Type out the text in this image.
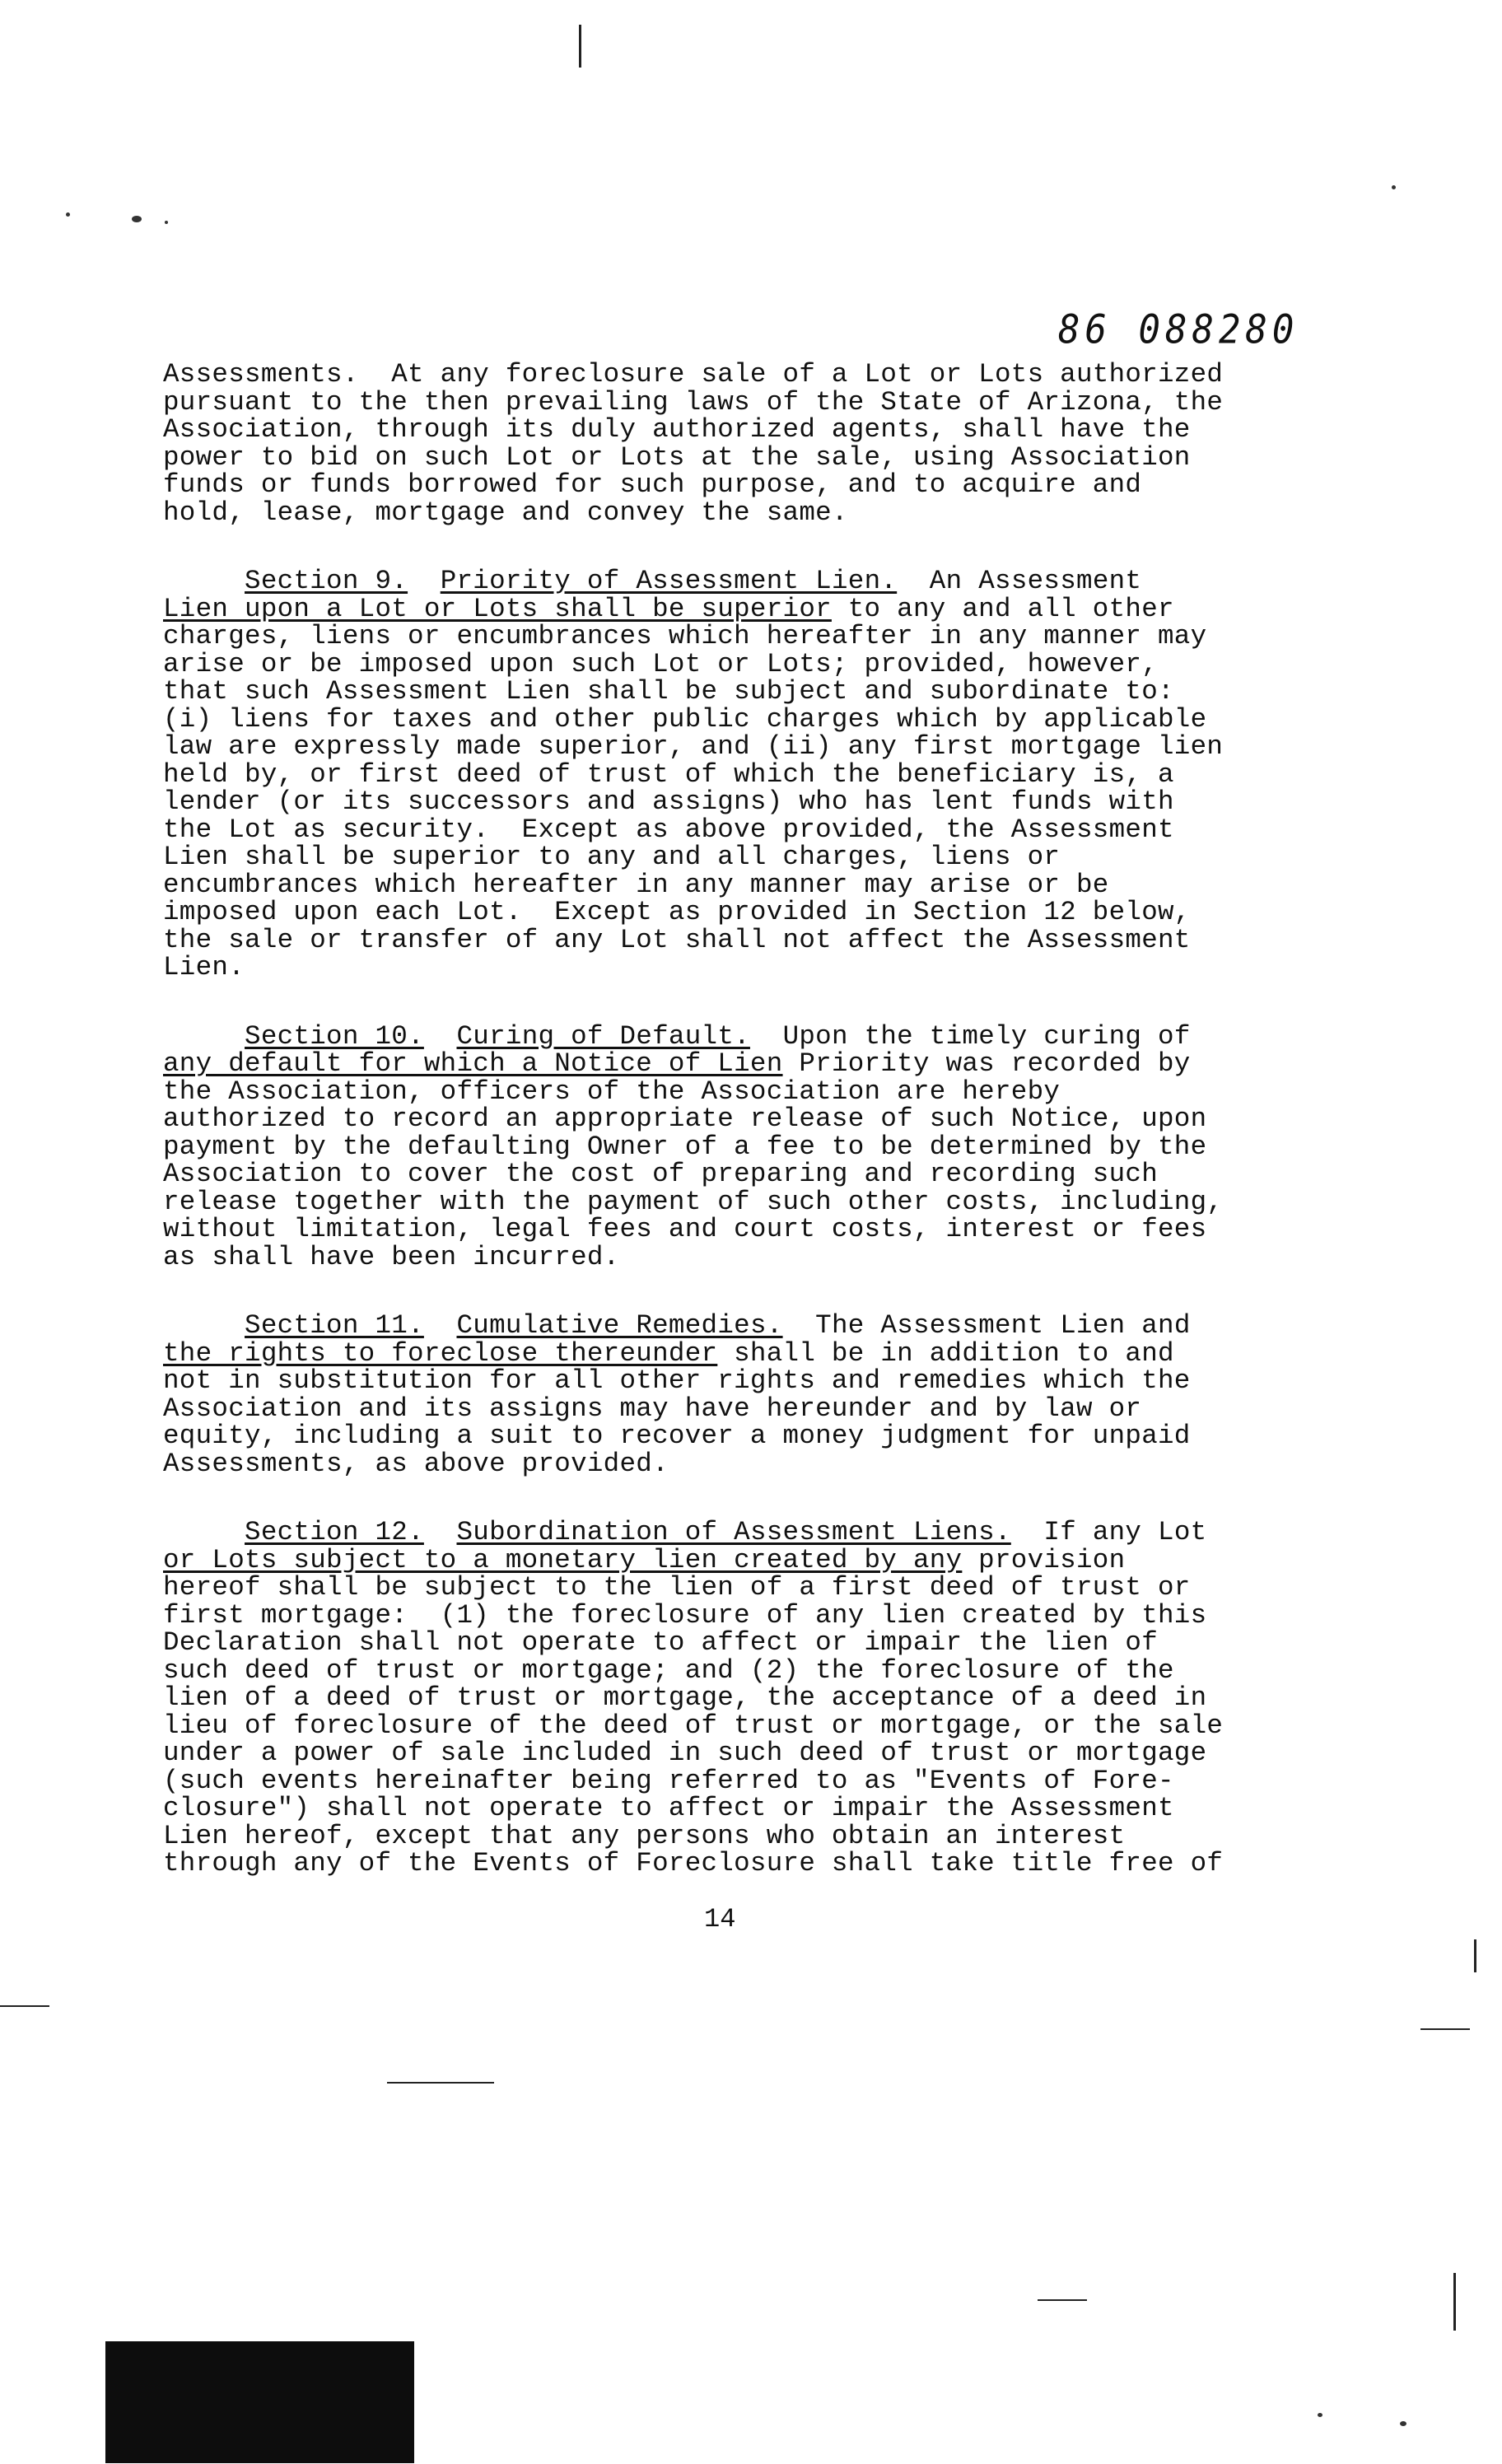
86 088280
Assessments.  At any foreclosure sale of a Lot or Lots authorized
pursuant to the then prevailing laws of the State of Arizona, the
Association, through its duly authorized agents, shall have the
power to bid on such Lot or Lots at the sale, using Association
funds or funds borrowed for such purpose, and to acquire and
hold, lease, mortgage and convey the same.
Section 9. Priority of Assessment Lien. An Assessment
Lien upon a Lot or Lots shall be superior to any and all other
charges, liens or encumbrances which hereafter in any manner may
arise or be imposed upon such Lot or Lots; provided, however,
that such Assessment Lien shall be subject and subordinate to:
(i) liens for taxes and other public charges which by applicable
law are expressly made superior, and (ii) any first mortgage lien
held by, or first deed of trust of which the beneficiary is, a
lender (or its successors and assigns) who has lent funds with
the Lot as security.  Except as above provided, the Assessment
Lien shall be superior to any and all charges, liens or
encumbrances which hereafter in any manner may arise or be
imposed upon each Lot.  Except as provided in Section 12 below,
the sale or transfer of any Lot shall not affect the Assessment
Lien.
Section 10. Curing of Default. Upon the timely curing of
any default for which a Notice of Lien Priority was recorded by
the Association, officers of the Association are hereby
authorized to record an appropriate release of such Notice, upon
payment by the defaulting Owner of a fee to be determined by the
Association to cover the cost of preparing and recording such
release together with the payment of such other costs, including,
without limitation, legal fees and court costs, interest or fees
as shall have been incurred.
Section 11. Cumulative Remedies. The Assessment Lien and
the rights to foreclose thereunder shall be in addition to and
not in substitution for all other rights and remedies which the
Association and its assigns may have hereunder and by law or
equity, including a suit to recover a money judgment for unpaid
Assessments, as above provided.
Section 12. Subordination of Assessment Liens. If any Lot
or Lots subject to a monetary lien created by any provision
hereof shall be subject to the lien of a first deed of trust or
first mortgage:  (1) the foreclosure of any lien created by this
Declaration shall not operate to affect or impair the lien of
such deed of trust or mortgage; and (2) the foreclosure of the
lien of a deed of trust or mortgage, the acceptance of a deed in
lieu of foreclosure of the deed of trust or mortgage, or the sale
under a power of sale included in such deed of trust or mortgage
(such events hereinafter being referred to as "Events of Fore-
closure") shall not operate to affect or impair the Assessment
Lien hereof, except that any persons who obtain an interest
through any of the Events of Foreclosure shall take title free of
14
